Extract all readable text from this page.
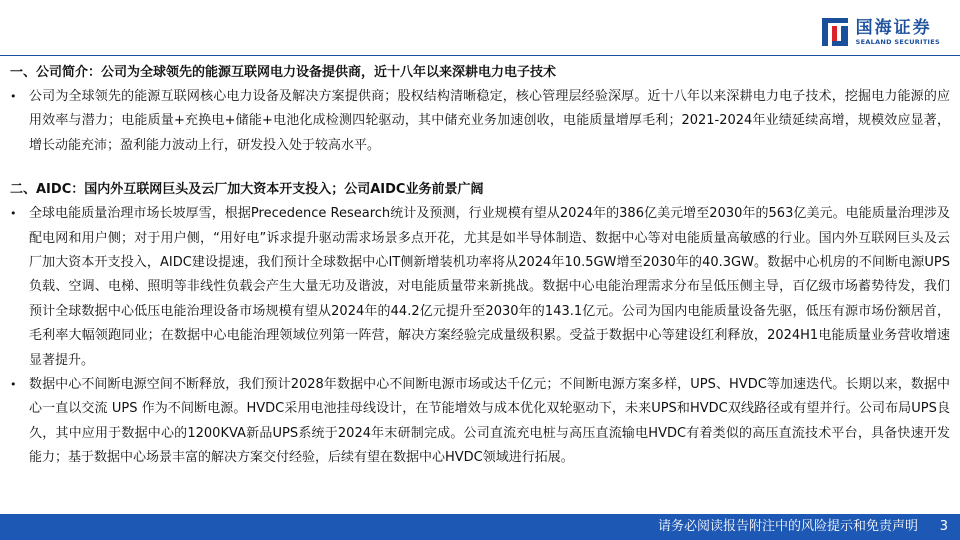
国海证券
SEALAND SECURITIES
一、公司简介：公司为全球领先的能源互联网电力设备提供商，近十八年以来深耕电力电子技术
• 公司为全球领先的能源互联网核心电力设备及解决方案提供商；股权结构清晰稳定，核心管理层经验深厚。近十八年以来深耕电力电子技术，挖掘电力能源的应用效率与潜力；电能质量+充换电+储能+电池化成检测四轮驱动，其中储充业务加速创收，电能质量增厚毛利；2021-2024年业绩延续高增，规模效应显著，增长动能充沛；盈利能力波动上行，研发投入处于较高水平。
二、AIDC：国内外互联网巨头及云厂加大资本开支投入；公司AIDC业务前景广阔
• 全球电能质量治理市场长坡厚雪，根据Precedence Research统计及预测，行业规模有望从2024年的386亿美元增至2030年的563亿美元。电能质量治理涉及配电网和用户侧；对于用户侧，“用好电”诉求提升驱动需求场景多点开花，尤其是如半导体制造、数据中心等对电能质量高敏感的行业。国内外互联网巨头及云厂加大资本开支投入，AIDC建设提速，我们预计全球数据中心IT侧新增装机功率将从2024年10.5GW增至2030年的40.3GW。数据中心机房的不间断电源UPS负载、空调、电梯、照明等非线性负载会产生大量无功及谐波，对电能质量带来新挑战。数据中心电能治理需求分布呈低压侧主导，百亿级市场蓄势待发，我们预计全球数据中心低压电能治理设备市场规模有望从2024年的44.2亿元提升至2030年的143.1亿元。公司为国内电能质量设备先驱，低压有源市场份额居首，毛利率大幅领跑同业；在数据中心电能治理领域位列第一阵营，解决方案经验完成量级积累。受益于数据中心等建设红利释放，2024H1电能质量业务营收增速显著提升。
• 数据中心不间断电源空间不断释放，我们预计2028年数据中心不间断电源市场或达千亿元；不间断电源方案多样，UPS、HVDC等加速迭代。长期以来，数据中心一直以交流 UPS 作为不间断电源。HVDC采用电池挂母线设计，在节能增效与成本优化双轮驱动下，未来UPS和HVDC双线路径或有望并行。公司布局UPS良久，其中应用于数据中心的1200KVA新品UPS系统于2024年末研制完成。公司直流充电桩与高压直流输电HVDC有着类似的高压直流技术平台，具备快速开发能力；基于数据中心场景丰富的解决方案交付经验，后续有望在数据中心HVDC领域进行拓展。
请务必阅读报告附注中的风险提示和免责声明 3
